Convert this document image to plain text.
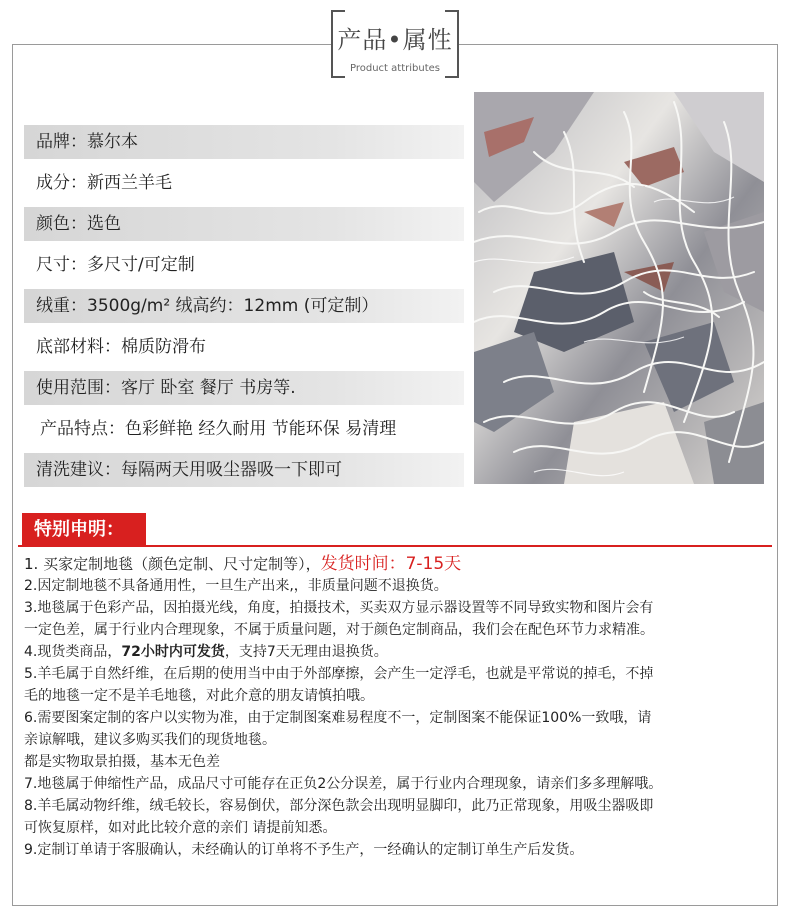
产品•属性
Product attributes
品牌：慕尔本
成分：新西兰羊毛
颜色：选色
尺寸：多尺寸/可定制
绒重：3500g/m² 绒高约：12mm (可定制）
底部材料：棉质防滑布
使用范围：客厅 卧室 餐厅 书房等.
产品特点：色彩鲜艳 经久耐用 节能环保 易清理
清洗建议：每隔两天用吸尘器吸一下即可
特别申明：
1. 买家定制地毯（颜色定制、尺寸定制等），发货时间：7-15天
2.因定制地毯不具备通用性，一旦生产出来,，非质量问题不退换货。
3.地毯属于色彩产品，因拍摄光线，角度，拍摄技术，买卖双方显示器设置等不同导致实物和图片会有
一定色差，属于行业内合理现象，不属于质量问题，对于颜色定制商品，我们会在配色环节力求精准。
4.现货类商品，72小时内可发货，支持7天无理由退换货。
5.羊毛属于自然纤维，在后期的使用当中由于外部摩擦，会产生一定浮毛，也就是平常说的掉毛，不掉
毛的地毯一定不是羊毛地毯，对此介意的朋友请慎拍哦。
6.需要图案定制的客户以实物为准，由于定制图案难易程度不一，定制图案不能保证100%一致哦，请
亲谅解哦，建议多购买我们的现货地毯。
都是实物取景拍摄，基本无色差
7.地毯属于伸缩性产品，成品尺寸可能存在正负2公分误差，属于行业内合理现象，请亲们多多理解哦。
8.羊毛属动物纤维，绒毛较长，容易倒伏，部分深色款会出现明显脚印，此乃正常现象，用吸尘器吸即
可恢复原样，如对此比较介意的亲们 请提前知悉。
9.定制订单请于客服确认，未经确认的订单将不予生产，一经确认的定制订单生产后发货。
